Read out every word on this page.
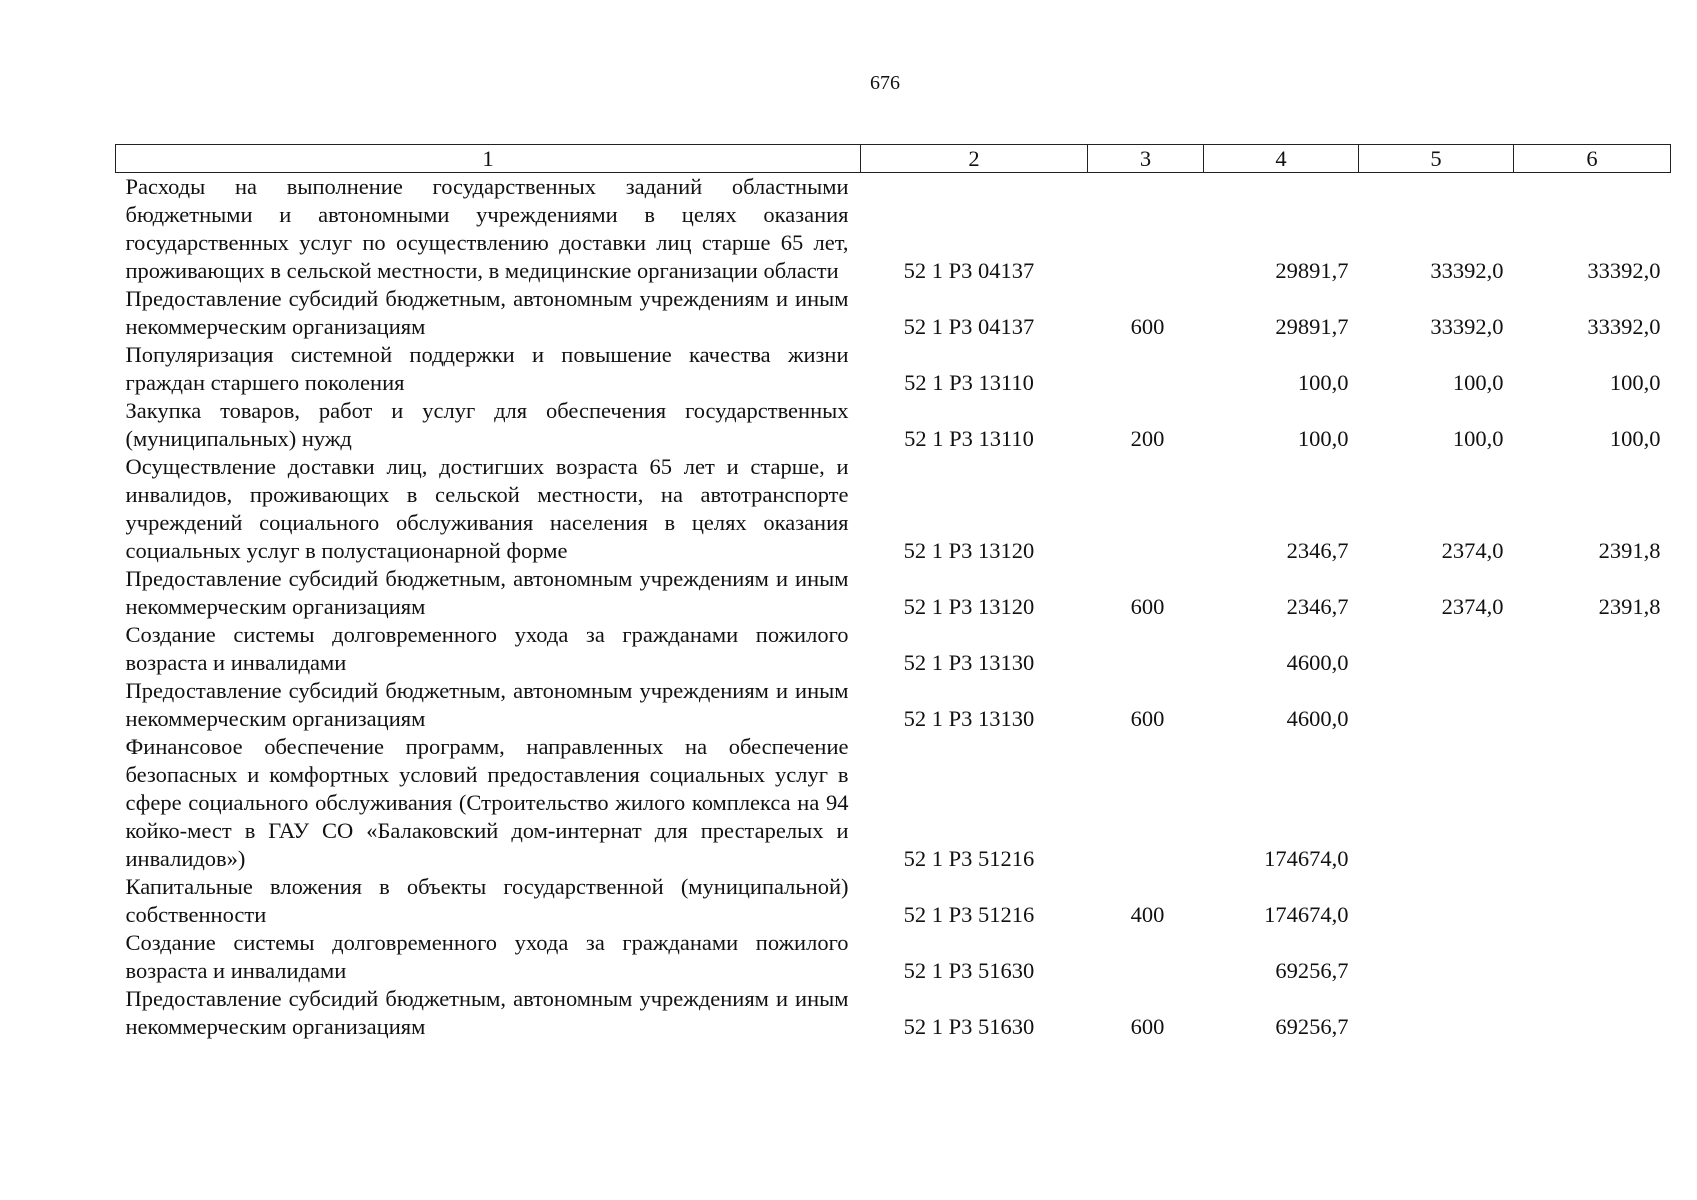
676
1	2	3	4	5	6
Расходы на выполнение государственных заданий областными бюджетными и автономными учреждениями в целях оказания государственных услуг по осуществлению доставки лиц старше 65 лет, проживающих в сельской местности, в медицинские организации области	52 1 P3 04137		29891,7	33392,0	33392,0
Предоставление субсидий бюджетным, автономным учреждениям и иным некоммерческим организациям	52 1 P3 04137	600	29891,7	33392,0	33392,0
Популяризация системной поддержки и повышение качества жизни граждан старшего поколения	52 1 P3 13110		100,0	100,0	100,0
Закупка товаров, работ и услуг для обеспечения государственных (муниципальных) нужд	52 1 P3 13110	200	100,0	100,0	100,0
Осуществление доставки лиц, достигших возраста 65 лет и старше, и инвалидов, проживающих в сельской местности, на автотранспорте учреждений социального обслуживания населения в целях оказания социальных услуг в полустационарной форме	52 1 P3 13120		2346,7	2374,0	2391,8
Предоставление субсидий бюджетным, автономным учреждениям и иным некоммерческим организациям	52 1 P3 13120	600	2346,7	2374,0	2391,8
Создание системы долговременного ухода за гражданами пожилого возраста и инвалидами	52 1 P3 13130		4600,0		
Предоставление субсидий бюджетным, автономным учреждениям и иным некоммерческим организациям	52 1 P3 13130	600	4600,0		
Финансовое обеспечение программ, направленных на обеспечение безопасных и комфортных условий предоставления социальных услуг в сфере социального обслуживания (Строительство жилого комплекса на 94 койко-мест в ГАУ СО «Балаковский дом-интернат для престарелых и инвалидов»)	52 1 P3 51216		174674,0		
Капитальные вложения в объекты государственной (муниципальной) собственности	52 1 P3 51216	400	174674,0		
Создание системы долговременного ухода за гражданами пожилого возраста и инвалидами	52 1 P3 51630		69256,7		
Предоставление субсидий бюджетным, автономным учреждениям и иным некоммерческим организациям	52 1 P3 51630	600	69256,7		
